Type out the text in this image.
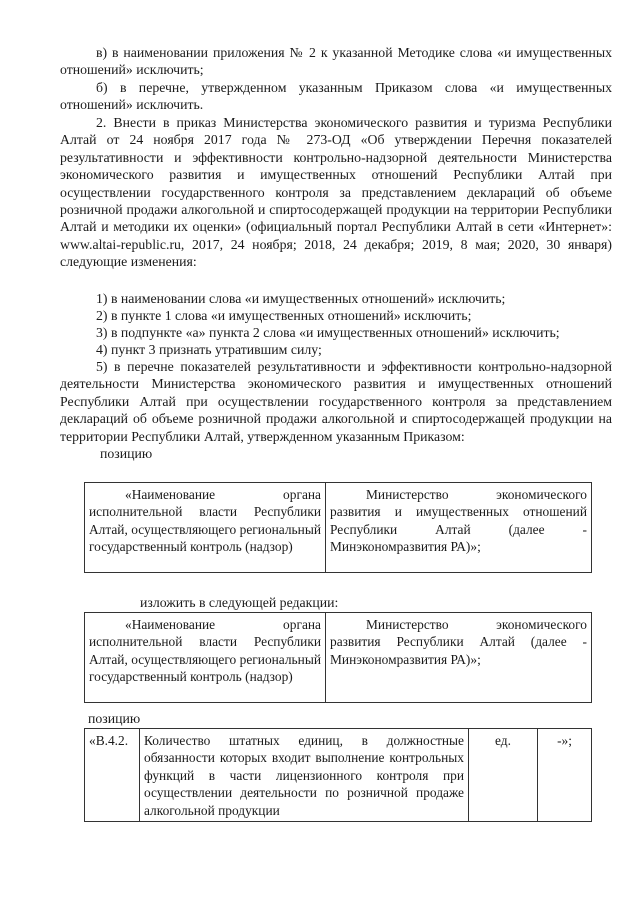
в) в наименовании приложения № 2 к указанной Методике слова «и имущественных отношений» исключить;

б) в перечне, утвержденном указанным Приказом слова «и имущественных отношений» исключить.

2. Внести в приказ Министерства экономического развития и туризма Республики Алтай от 24 ноября 2017 года № 273-ОД «Об утверждении Перечня показателей результативности и эффективности контрольно-надзорной деятельности Министерства экономического развития и имущественных отношений Республики Алтай при осуществлении государственного контроля за представлением деклараций об объеме розничной продажи алкогольной и спиртосодержащей продукции на территории Республики Алтай и методики их оценки» (официальный портал Республики Алтай в сети «Интернет»: www.altai-republic.ru, 2017, 24 ноября; 2018, 24 декабря; 2019, 8 мая; 2020, 30 января) следующие изменения:

1) в наименовании слова «и имущественных отношений» исключить;

2) в пункте 1 слова «и имущественных отношений» исключить;

3) в подпункте «а» пункта 2 слова «и имущественных отношений» исключить;

4) пункт 3 признать утратившим силу;

5) в перечне показателей результативности и эффективности контрольно-надзорной деятельности Министерства экономического развития и имущественных отношений Республики Алтай при осуществлении государственного контроля за представлением деклараций об объеме розничной продажи алкогольной и спиртосодержащей продукции на территории Республики Алтай, утвержденном указанным Приказом:

позицию

«Наименование органа исполнительной власти Республики Алтай, осуществляющего региональный государственный контроль (надзор)	Министерство экономического развития и имущественных отношений Республики Алтай (далее - Минэкономразвития РА)»;

изложить в следующей редакции:

«Наименование органа исполнительной власти Республики Алтай, осуществляющего региональный государственный контроль (надзор)	Министерство экономического развития Республики Алтай (далее - Минэкономразвития РА)»;

позицию

«В.4.2.	Количество штатных единиц, в должностные обязанности которых входит выполнение контрольных функций в части лицензионного контроля при осуществлении деятельности по розничной продаже алкогольной продукции	ед.	-»;
